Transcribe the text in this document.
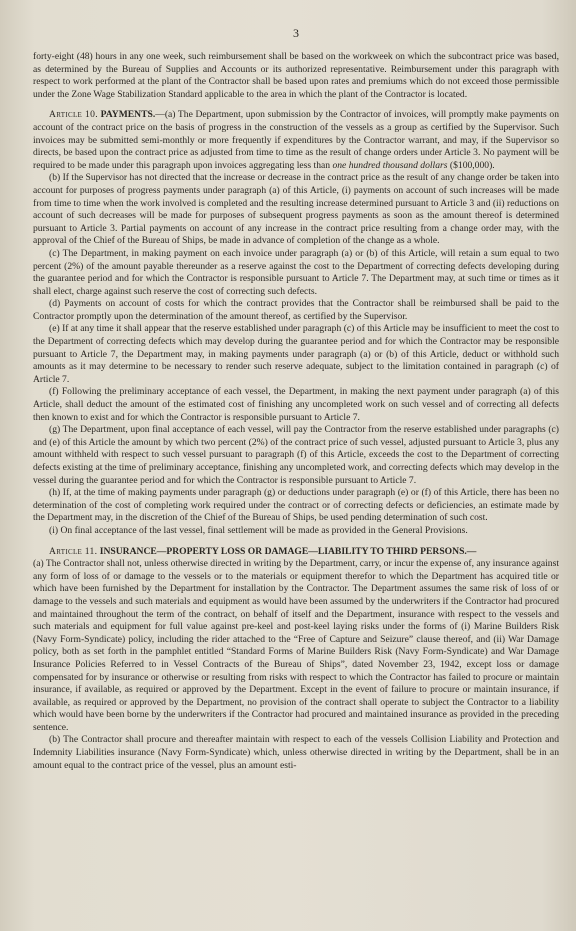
3

forty-eight (48) hours in any one week, such reimbursement shall be based on the workweek on which the subcontract price was based, as determined by the Bureau of Supplies and Accounts or its authorized representative. Reimbursement under this paragraph with respect to work performed at the plant of the Contractor shall be based upon rates and premiums which do not exceed those permissible under the Zone Wage Stabilization Standard applicable to the area in which the plant of the Contractor is located.

Article 10. PAYMENTS.—(a) The Department, upon submission by the Contractor of invoices, will promptly make payments on account of the contract price on the basis of progress in the construction of the vessels as a group as certified by the Supervisor. Such invoices may be submitted semi-monthly or more frequently if expenditures by the Contractor warrant, and may, if the Supervisor so directs, be based upon the contract price as adjusted from time to time as the result of change orders under Article 3. No payment will be required to be made under this paragraph upon invoices aggregating less than one hundred thousand dollars ($100,000).

(b) If the Supervisor has not directed that the increase or decrease in the contract price as the result of any change order be taken into account for purposes of progress payments under paragraph (a) of this Article, (i) payments on account of such increases will be made from time to time when the work involved is completed and the resulting increase determined pursuant to Article 3 and (ii) reductions on account of such decreases will be made for purposes of subsequent progress payments as soon as the amount thereof is determined pursuant to Article 3. Partial payments on account of any increase in the contract price resulting from a change order may, with the approval of the Chief of the Bureau of Ships, be made in advance of completion of the change as a whole.

(c) The Department, in making payment on each invoice under paragraph (a) or (b) of this Article, will retain a sum equal to two percent (2%) of the amount payable thereunder as a reserve against the cost to the Department of correcting defects developing during the guarantee period and for which the Contractor is responsible pursuant to Article 7. The Department may, at such time or times as it shall elect, charge against such reserve the cost of correcting such defects.

(d) Payments on account of costs for which the contract provides that the Contractor shall be reimbursed shall be paid to the Contractor promptly upon the determination of the amount thereof, as certified by the Supervisor.

(e) If at any time it shall appear that the reserve established under paragraph (c) of this Article may be insufficient to meet the cost to the Department of correcting defects which may develop during the guarantee period and for which the Contractor may be responsible pursuant to Article 7, the Department may, in making payments under paragraph (a) or (b) of this Article, deduct or withhold such amounts as it may determine to be necessary to render such reserve adequate, subject to the limitation contained in paragraph (c) of Article 7.

(f) Following the preliminary acceptance of each vessel, the Department, in making the next payment under paragraph (a) of this Article, shall deduct the amount of the estimated cost of finishing any uncompleted work on such vessel and of correcting all defects then known to exist and for which the Contractor is responsible pursuant to Article 7.

(g) The Department, upon final acceptance of each vessel, will pay the Contractor from the reserve established under paragraphs (c) and (e) of this Article the amount by which two percent (2%) of the contract price of such vessel, adjusted pursuant to Article 3, plus any amount withheld with respect to such vessel pursuant to paragraph (f) of this Article, exceeds the cost to the Department of correcting defects existing at the time of preliminary acceptance, finishing any uncompleted work, and correcting defects which may develop in the vessel during the guarantee period and for which the Contractor is responsible pursuant to Article 7.

(h) If, at the time of making payments under paragraph (g) or deductions under paragraph (e) or (f) of this Article, there has been no determination of the cost of completing work required under the contract or of correcting defects or deficiencies, an estimate made by the Department may, in the discretion of the Chief of the Bureau of Ships, be used pending determination of such cost.

(i) On final acceptance of the last vessel, final settlement will be made as provided in the General Provisions.

Article 11. INSURANCE—PROPERTY LOSS OR DAMAGE—LIABILITY TO THIRD PERSONS.—

(a) The Contractor shall not, unless otherwise directed in writing by the Department, carry, or incur the expense of, any insurance against any form of loss of or damage to the vessels or to the materials or equipment therefor to which the Department has acquired title or which have been furnished by the Department for installation by the Contractor. The Department assumes the same risk of loss of or damage to the vessels and such materials and equipment as would have been assumed by the underwriters if the Contractor had procured and maintained throughout the term of the contract, on behalf of itself and the Department, insurance with respect to the vessels and such materials and equipment for full value against pre-keel and post-keel laying risks under the forms of (i) Marine Builders Risk (Navy Form-Syndicate) policy, including the rider attached to the “Free of Capture and Seizure” clause thereof, and (ii) War Damage policy, both as set forth in the pamphlet entitled “Standard Forms of Marine Builders Risk (Navy Form-Syndicate) and War Damage Insurance Policies Referred to in Vessel Contracts of the Bureau of Ships”, dated November 23, 1942, except loss or damage compensated for by insurance or otherwise or resulting from risks with respect to which the Contractor has failed to procure or maintain insurance, if available, as required or approved by the Department. Except in the event of failure to procure or maintain insurance, if available, as required or approved by the Department, no provision of the contract shall operate to subject the Contractor to a liability which would have been borne by the underwriters if the Contractor had procured and maintained insurance as provided in the preceding sentence.

(b) The Contractor shall procure and thereafter maintain with respect to each of the vessels Collision Liability and Protection and Indemnity Liabilities insurance (Navy Form-Syndicate) which, unless otherwise directed in writing by the Department, shall be in an amount equal to the contract price of the vessel, plus an amount esti-
